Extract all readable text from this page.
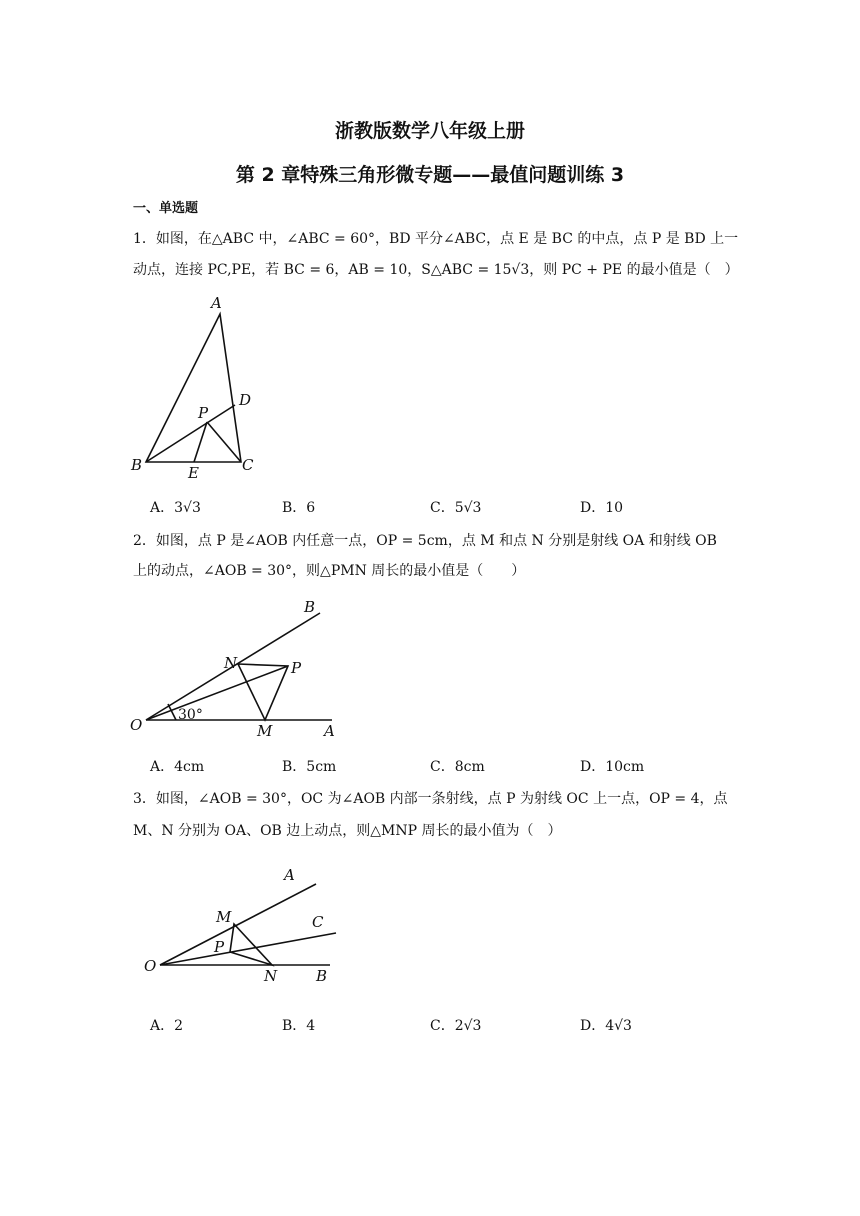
浙教版数学八年级上册
第 2 章特殊三角形微专题——最值问题训练 3
一、单选题
1．如图，在△ABC 中，∠ABC = 60°，BD 平分∠ABC，点 E 是 BC 的中点，点 P 是 BD 上一
动点，连接 PC,PE，若 BC = 6，AB = 10，S△ABC = 15√3，则 PC + PE 的最小值是（　）
A
D
P
B	E	C
A．3√3	B．6	C．5√3	D．10
2．如图，点 P 是∠AOB 内任意一点，OP = 5cm，点 M 和点 N 分别是射线 OA 和射线 OB
上的动点，∠AOB = 30°，则△PMN 周长的最小值是（　　）
B
N	P
O
30°
M	A
A．4cm	B．5cm	C．8cm	D．10cm
3．如图，∠AOB = 30°，OC 为∠AOB 内部一条射线，点 P 为射线 OC 上一点，OP = 4，点
M、N 分别为 OA、OB 边上动点，则△MNP 周长的最小值为（　）
A
M	C
P
O
N	B
A．2	B．4	C．2√3	D．4√3
